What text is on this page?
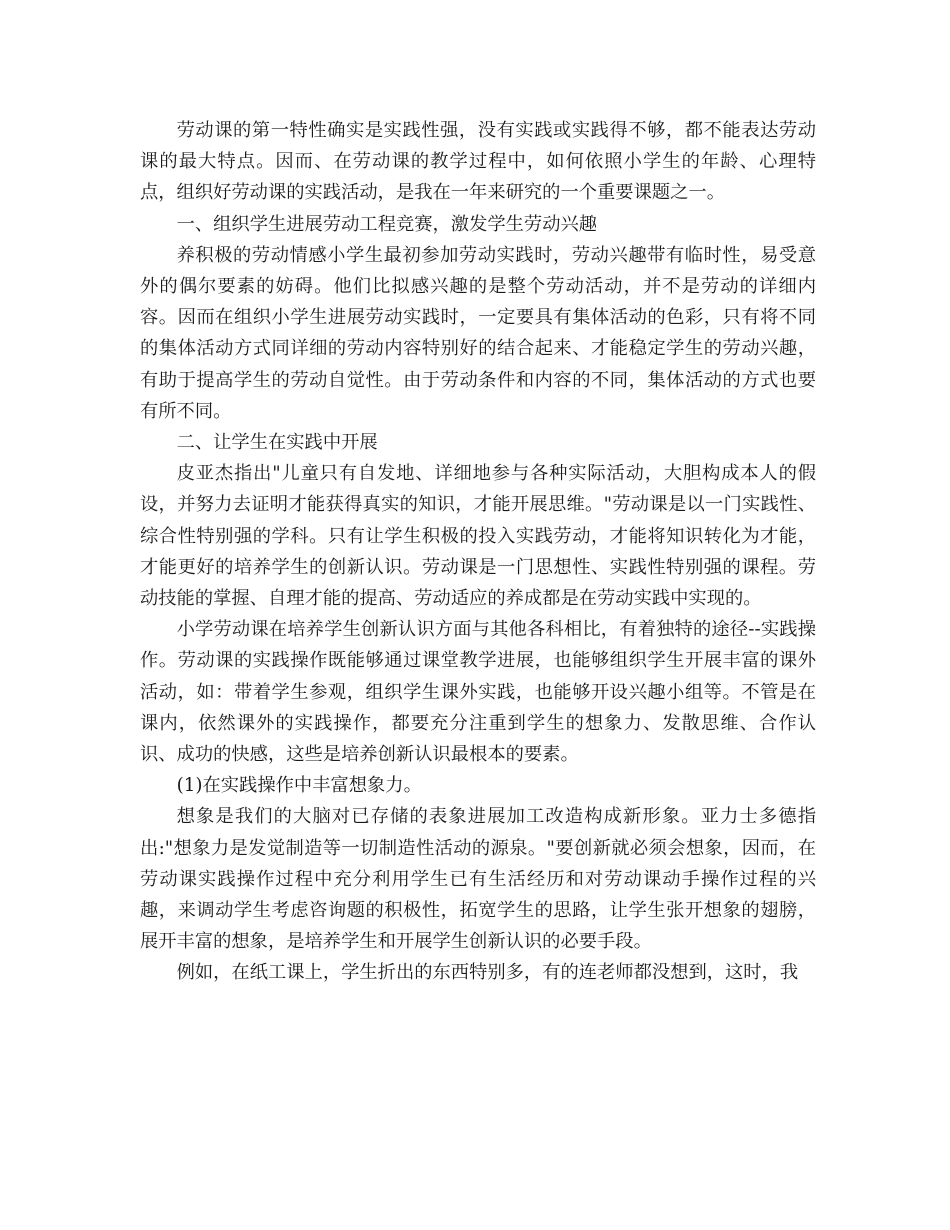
劳动课的第一特性确实是实践性强，没有实践或实践得不够，都不能表达劳动课的最大特点。因而、在劳动课的教学过程中，如何依照小学生的年龄、心理特点，组织好劳动课的实践活动，是我在一年来研究的一个重要课题之一。

一、组织学生进展劳动工程竞赛，激发学生劳动兴趣

养积极的劳动情感小学生最初参加劳动实践时，劳动兴趣带有临时性，易受意外的偶尔要素的妨碍。他们比拟感兴趣的是整个劳动活动，并不是劳动的详细内容。因而在组织小学生进展劳动实践时，一定要具有集体活动的色彩，只有将不同的集体活动方式同详细的劳动内容特别好的结合起来、才能稳定学生的劳动兴趣，有助于提高学生的劳动自觉性。由于劳动条件和内容的不同，集体活动的方式也要有所不同。

二、让学生在实践中开展

皮亚杰指出"儿童只有自发地、详细地参与各种实际活动，大胆构成本人的假设，并努力去证明才能获得真实的知识，才能开展思维。"劳动课是以一门实践性、综合性特别强的学科。只有让学生积极的投入实践劳动，才能将知识转化为才能，才能更好的培养学生的创新认识。劳动课是一门思想性、实践性特别强的课程。劳动技能的掌握、自理才能的提高、劳动适应的养成都是在劳动实践中实现的。

小学劳动课在培养学生创新认识方面与其他各科相比，有着独特的途径--实践操作。劳动课的实践操作既能够通过课堂教学进展，也能够组织学生开展丰富的课外活动，如：带着学生参观，组织学生课外实践，也能够开设兴趣小组等。不管是在课内，依然课外的实践操作，都要充分注重到学生的想象力、发散思维、合作认识、成功的快感，这些是培养创新认识最根本的要素。

(1)在实践操作中丰富想象力。

想象是我们的大脑对已存储的表象进展加工改造构成新形象。亚力士多德指出:"想象力是发觉制造等一切制造性活动的源泉。"要创新就必须会想象，因而，在劳动课实践操作过程中充分利用学生已有生活经历和对劳动课动手操作过程的兴趣，来调动学生考虑咨询题的积极性，拓宽学生的思路，让学生张开想象的翅膀，展开丰富的想象，是培养学生和开展学生创新认识的必要手段。

例如，在纸工课上，学生折出的东西特别多，有的连老师都没想到，这时，我
